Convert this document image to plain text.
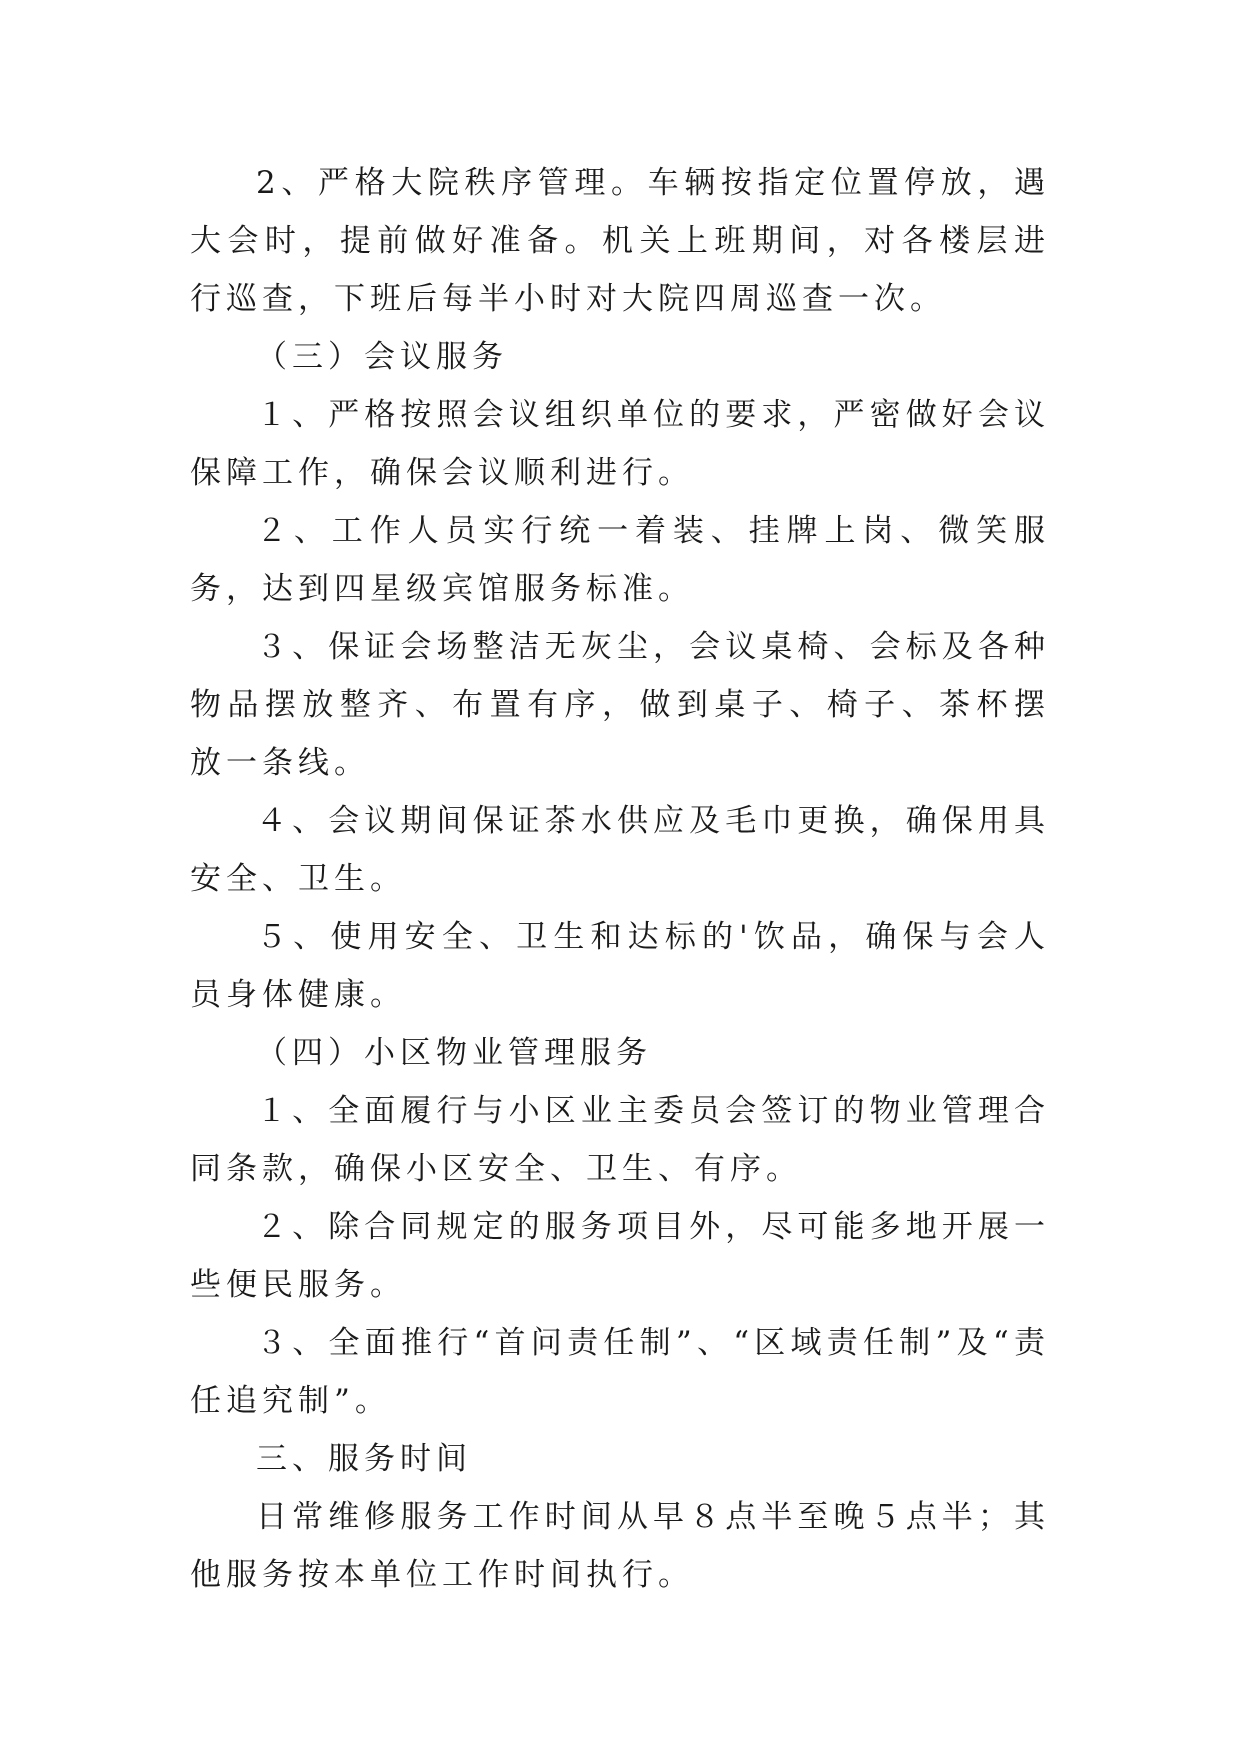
2、严格大院秩序管理。车辆按指定位置停放，遇大会时，提前做好准备。机关上班期间，对各楼层进行巡查，下班后每半小时对大院四周巡查一次。

（三）会议服务

１、严格按照会议组织单位的要求，严密做好会议保障工作，确保会议顺利进行。

２、工作人员实行统一着装、挂牌上岗、微笑服务，达到四星级宾馆服务标准。

３、保证会场整洁无灰尘，会议桌椅、会标及各种物品摆放整齐、布置有序，做到桌子、椅子、茶杯摆放一条线。

４、会议期间保证茶水供应及毛巾更换，确保用具安全、卫生。

５、使用安全、卫生和达标的'饮品，确保与会人员身体健康。

（四）小区物业管理服务

１、全面履行与小区业主委员会签订的物业管理合同条款，确保小区安全、卫生、有序。

２、除合同规定的服务项目外，尽可能多地开展一些便民服务。

３、全面推行“首问责任制”、“区域责任制”及“责任追究制”。

三、服务时间

日常维修服务工作时间从早８点半至晚５点半；其他服务按本单位工作时间执行。
